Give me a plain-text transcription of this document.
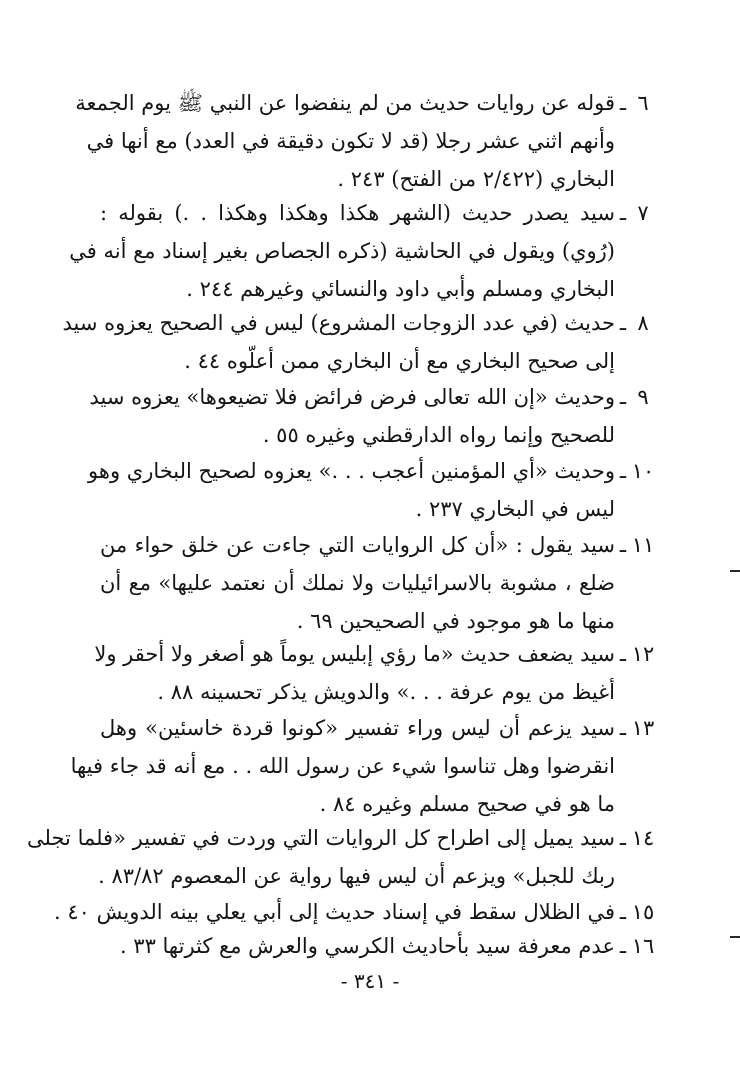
٦
ـ
قوله عن روايات حديث من لم ينفضوا عن النبي ﷺ يوم الجمعة
وأنهم اثني عشر رجلا (قد لا تكون دقيقة في العدد) مع أنها في
البخاري (٢/٤٢٢ من الفتح) ٢٤٣ .
٧
ـ
سيد يصدر حديث (الشهر هكذا وهكذا وهكذا . .) بقوله :
(رُوي) ويقول في الحاشية (ذكره الجصاص بغير إسناد مع أنه في
البخاري ومسلم وأبي داود والنسائي وغيرهم ٢٤٤ .
٨
ـ
حديث (في عدد الزوجات المشروع) ليس في الصحيح يعزوه سيد
إلى صحيح البخاري مع أن البخاري ممن أعلّوه ٤٤ .
٩
ـ
وحديث «إن الله تعالى فرض فرائض فلا تضيعوها» يعزوه سيد
للصحيح وإنما رواه الدارقطني وغيره ٥٥ .
١٠
ـ
وحديث «أي المؤمنين أعجب . . .» يعزوه لصحيح البخاري وهو
ليس في البخاري ٢٣٧ .
١١
ـ
سيد يقول : «أن كل الروايات التي جاءت عن خلق حواء من
ضلع ، مشوبة بالاسرائيليات ولا نملك أن نعتمد عليها» مع أن
منها ما هو موجود في الصحيحين ٦٩ .
١٢
ـ
سيد يضعف حديث «ما رؤي إبليس يوماً هو أصغر ولا أحقر ولا
أغيظ من يوم عرفة . . .» والدويش يذكر تحسينه ٨٨ .
١٣
ـ
سيد يزعم أن ليس وراء تفسير «كونوا قردة خاسئين» وهل
انقرضوا وهل تناسوا شيء عن رسول الله . . مع أنه قد جاء فيها
ما هو في صحيح مسلم وغيره ٨٤ .
١٤
ـ
سيد يميل إلى اطراح كل الروايات التي وردت في تفسير «فلما تجلى
ربك للجبل» ويزعم أن ليس فيها رواية عن المعصوم ٨٣/٨٢ .
١٥
ـ
في الظلال سقط في إسناد حديث إلى أبي يعلي بينه الدويش ٤٠ .
١٦
ـ
عدم معرفة سيد بأحاديث الكرسي والعرش مع كثرتها ٣٣ .
- ٣٤١ -
